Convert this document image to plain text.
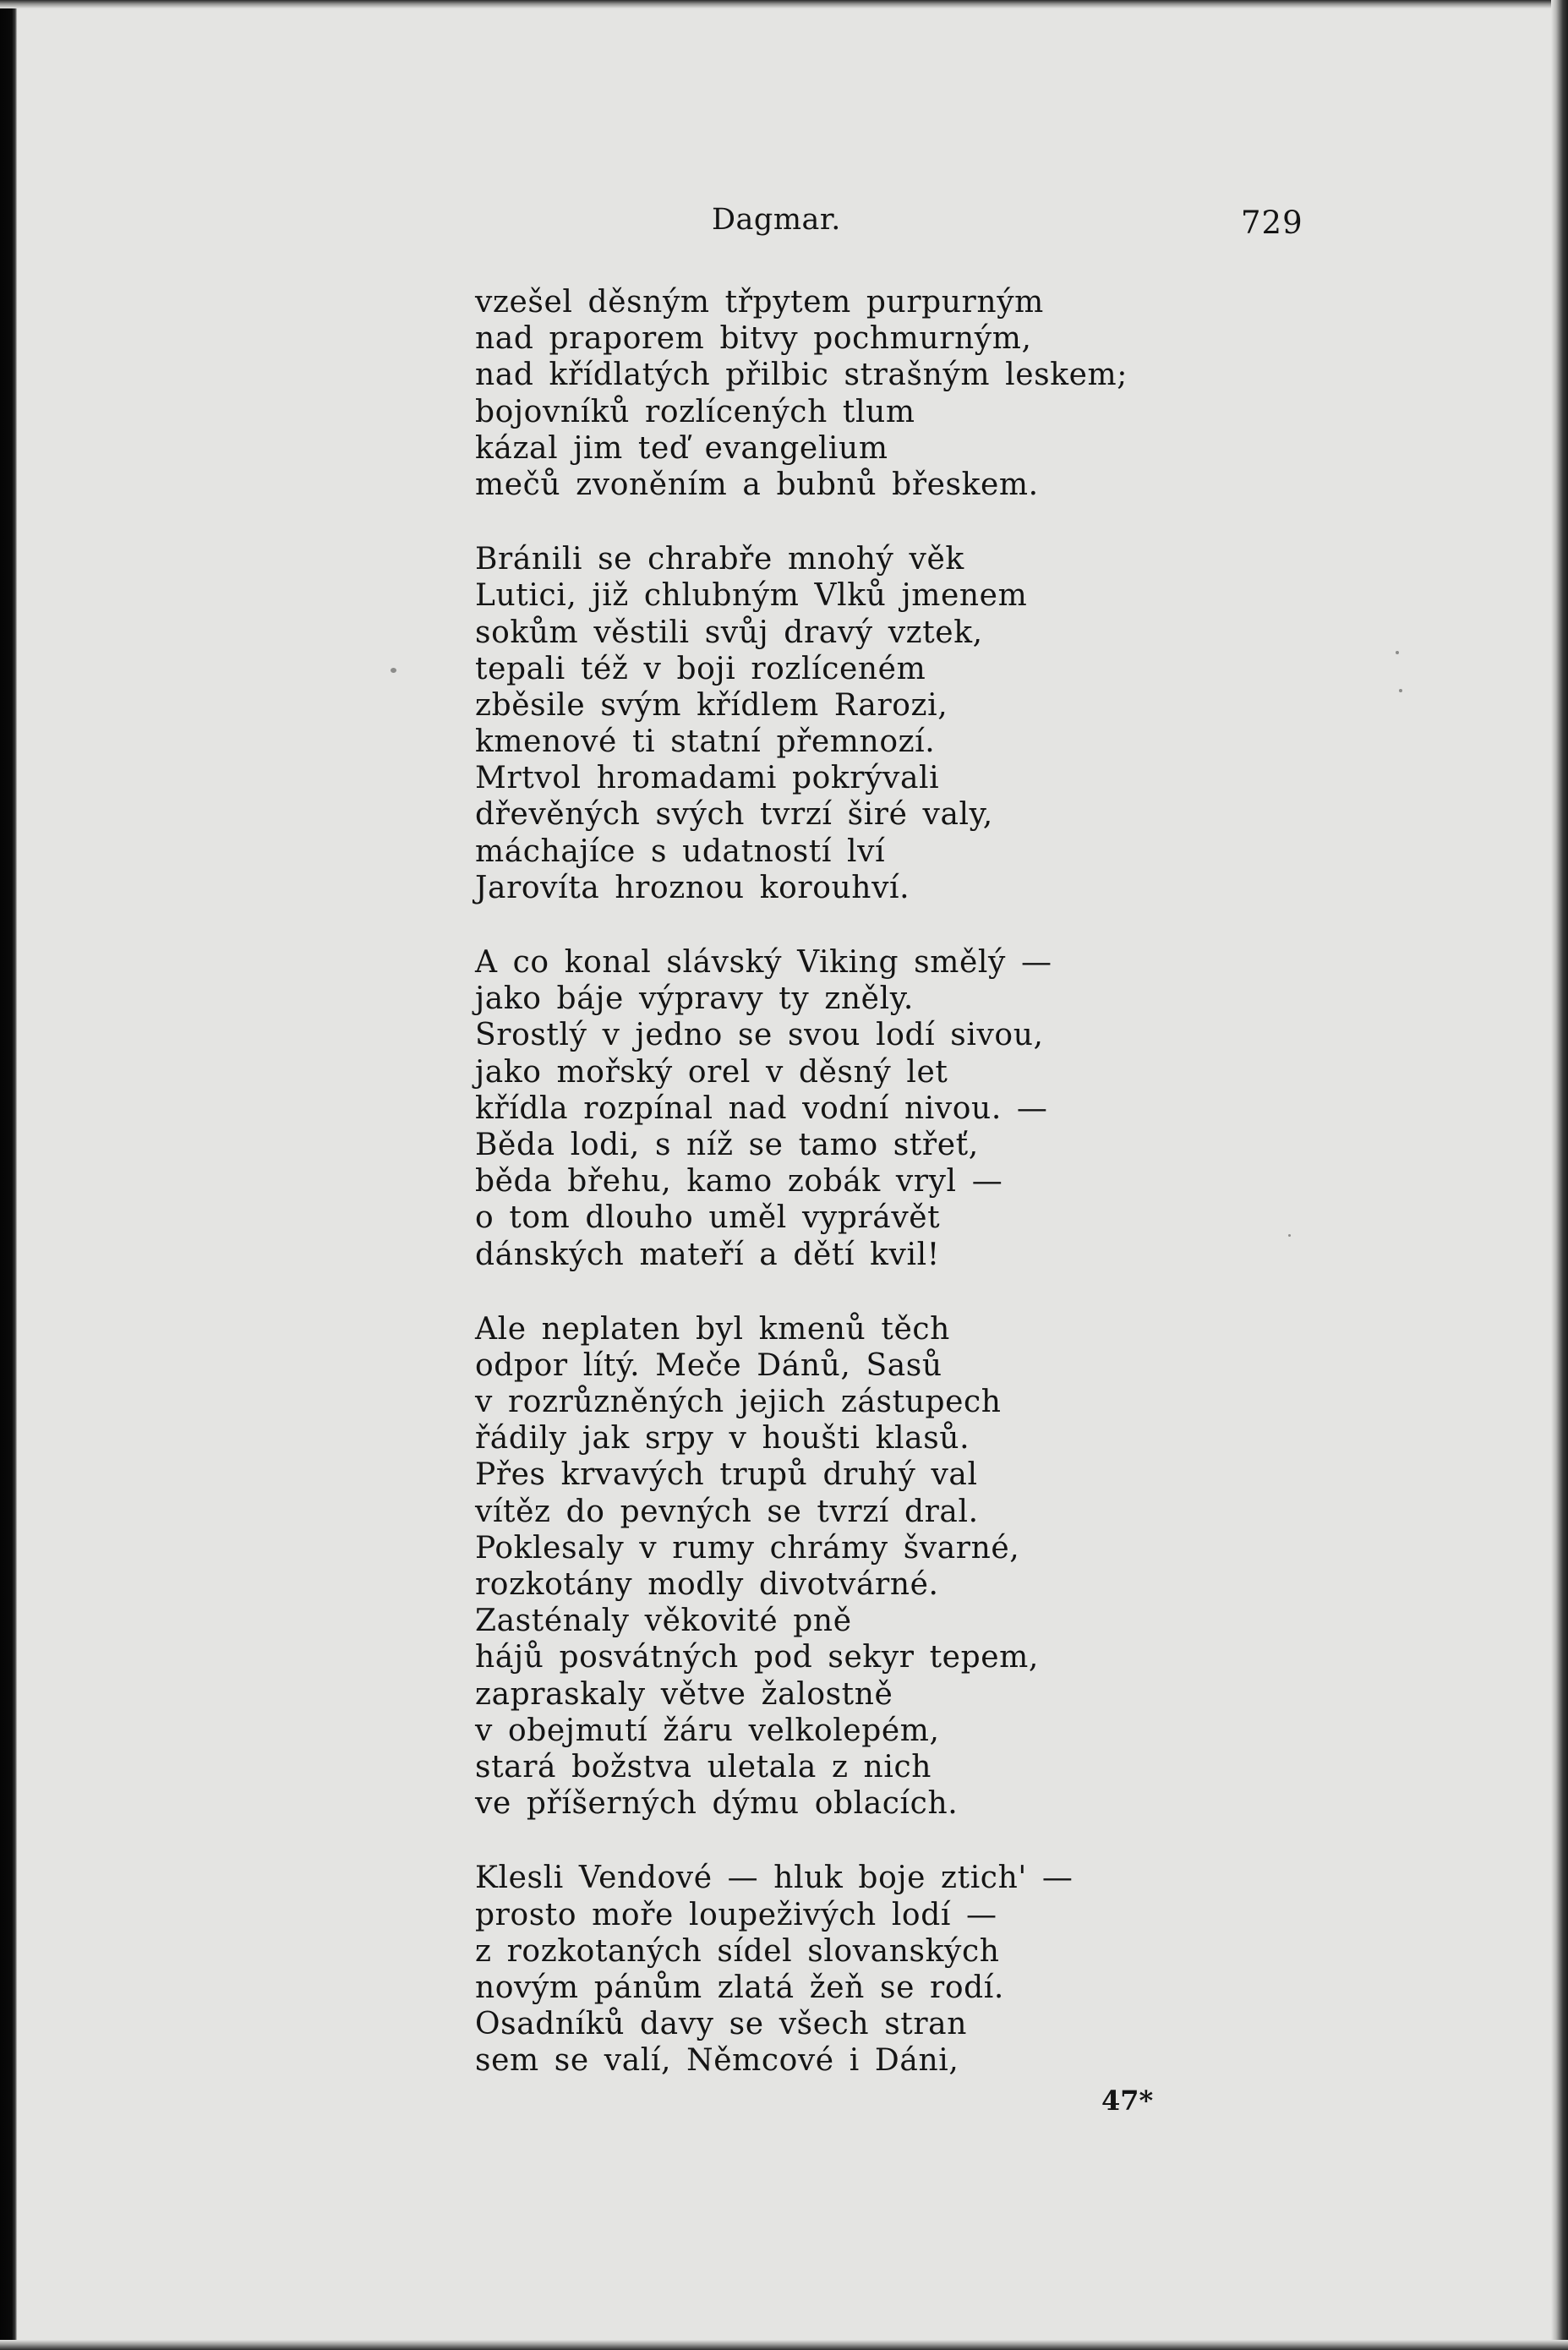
Dagmar.	729
vzešel děsným třpytem purpurným
nad praporem bitvy pochmurným,
nad křídlatých přilbic strašným leskem;
bojovníků rozlícených tlum
kázal jim teď evangelium
mečů zvoněním a bubnů břeskem.
Bránili se chrabře mnohý věk
Lutici, již chlubným Vlků jmenem
sokům věstili svůj dravý vztek,
tepali též v boji rozlíceném
zběsile svým křídlem Rarozi,
kmenové ti statní přemnozí.
Mrtvol hromadami pokrývali
dřevěných svých tvrzí širé valy,
máchajíce s udatností lví
Jarovíta hroznou korouhví.
A co konal slávský Viking smělý —
jako báje výpravy ty zněly.
Srostlý v jedno se svou lodí sivou,
jako mořský orel v děsný let
křídla rozpínal nad vodní nivou. —
Běda lodi, s níž se tamo střeť,
běda břehu, kamo zobák vryl —
o tom dlouho uměl vyprávět
dánských mateří a dětí kvil!
Ale neplaten byl kmenů těch
odpor lítý. Meče Dánů, Sasů
v rozrůzněných jejich zástupech
řádily jak srpy v houšti klasů.
Přes krvavých trupů druhý val
vítěz do pevných se tvrzí dral.
Poklesaly v rumy chrámy švarné,
rozkotány modly divotvárné.
Zasténaly věkovité pně
hájů posvátných pod sekyr tepem,
zapraskaly větve žalostně
v obejmutí žáru velkolepém,
stará božstva uletala z nich
ve příšerných dýmu oblacích.
Klesli Vendové — hluk boje ztich' —
prosto moře loupeživých lodí —
z rozkotaných sídel slovanských
novým pánům zlatá žeň se rodí.
Osadníků davy se všech stran
sem se valí, Němcové i Dáni,
47*
